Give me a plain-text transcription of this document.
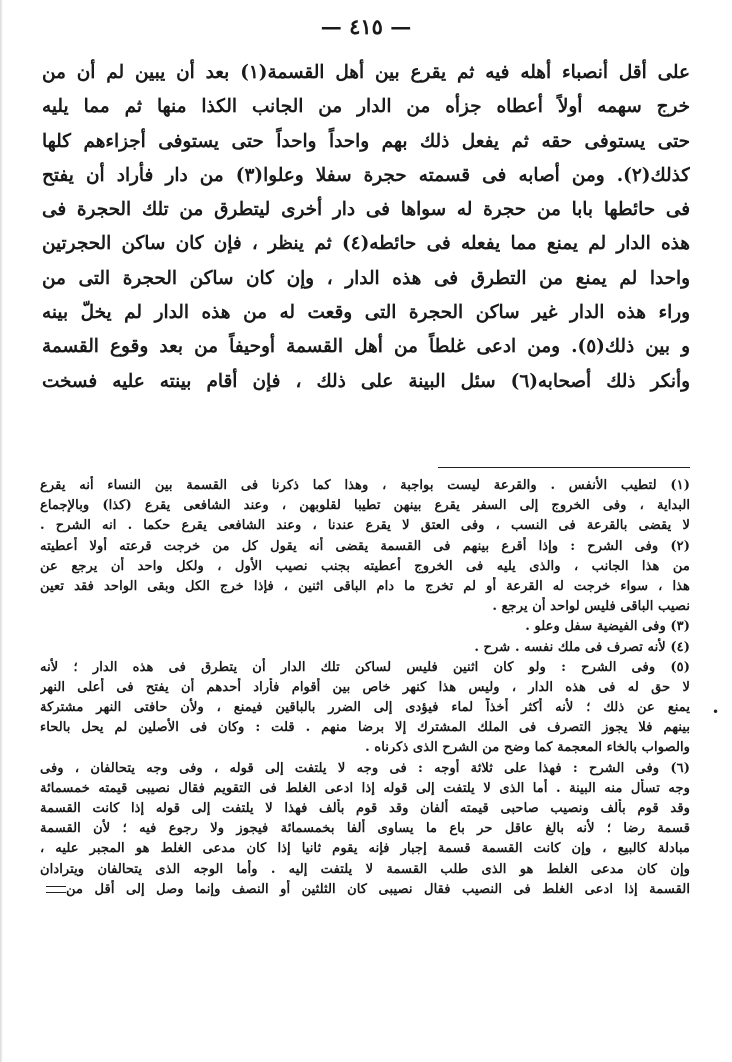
— ٤١٥ —
على أقل أنصباء أهله فيه ثم يقرع بين أهل القسمة(١) بعد أن يبين لم أن من
خرج سهمه أولاً أعطاه جزأه من الدار من الجانب الكذا منها ثم مما يليه
حتى يستوفى حقه ثم يفعل ذلك بهم واحداً واحداً حتى يستوفى أجزاءهم كلها
كذلك(٢). ومن أصابه فى قسمته حجرة سفلا وعلوا(٣) من دار فأراد أن يفتح
فى حائطها بابا من حجرة له سواها فى دار أخرى ليتطرق من تلك الحجرة فى
هذه الدار لم يمنع مما يفعله فى حائطه(٤) ثم ينظر ، فإن كان ساكن الحجرتين
واحدا لم يمنع من التطرق فى هذه الدار ، وإن كان ساكن الحجرة التى من
وراء هذه الدار غير ساكن الحجرة التى وقعت له من هذه الدار لم يخلّ بينه
و بين ذلك(٥). ومن ادعى غلطاً من أهل القسمة أوحيفاً من بعد وقوع القسمة
وأنكر ذلك أصحابه(٦) سئل البينة على ذلك ، فإن أقام بينته عليه فسخت
(١) لتطيب الأنفس . والقرعة ليست بواجبة ، وهذا كما ذكرنا فى القسمة بين النساء أنه يقرع
البداية ، وفى الخروج إلى السفر يقرع بينهن تطيبا لقلوبهن ، وعند الشافعى يقرع (كذا) وبالإجماع
لا يقضى بالقرعة فى النسب ، وفى العتق لا يقرع عندنا ، وعند الشافعى يقرع حكما . انه الشرح .
(٢) وفى الشرح : وإذا أقرع بينهم فى القسمة يقضى أنه يقول كل من خرجت قرعته أولا أعطيته
من هذا الجانب ، والذى يليه فى الخروج أعطيته بجنب نصيب الأول ، ولكل واحد أن يرجع عن
هذا ، سواء خرجت له القرعة أو لم تخرج ما دام الباقى اثنين ، فإذا خرج الكل وبقى الواحد فقد تعين
نصيب الباقى فليس لواحد أن يرجع .
(٣) وفى الفيضية سفل وعلو .
(٤) لأنه تصرف فى ملك نفسه . شرح .
(٥) وفى الشرح : ولو كان اثنين فليس لساكن تلك الدار أن يتطرق فى هذه الدار ؛ لأنه
لا حق له فى هذه الدار ، وليس هذا كنهر خاص بين أقوام فأراد أحدهم أن يفتح فى أعلى النهر
يمنع عن ذلك ؛ لأنه أكثر أخذاً لماء فيؤدى إلى الضرر بالباقين فيمنع ، ولأن حافتى النهر مشتركة
بينهم فلا يجوز التصرف فى الملك المشترك إلا برضا منهم . قلت : وكان فى الأصلين لم يحل بالحاء
والصواب بالخاء المعجمة كما وضح من الشرح الذى ذكرناه .
(٦) وفى الشرح : فهذا على ثلاثة أوجه : فى وجه لا يلتفت إلى قوله ، وفى وجه يتحالفان ، وفى
وجه تسأل منه البينة . أما الذى لا يلتفت إلى قوله إذا ادعى الغلط فى التقويم فقال نصيبى قيمته خمسمائة
وقد قوم بألف ونصيب صاحبى قيمته ألفان وقد قوم بألف فهذا لا يلتفت إلى قوله إذا كانت القسمة
قسمة رضا ؛ لأنه بالغ عاقل حر باع ما يساوى ألفا بخمسمائة فيجوز ولا رجوع فيه ؛ لأن القسمة
مبادلة كالبيع ، وإن كانت القسمة قسمة إجبار فإنه يقوم ثانيا إذا كان مدعى الغلط هو المجبر عليه ،
وإن كان مدعى الغلط هو الذى طلب القسمة لا يلتفت إليه . وأما الوجه الذى يتحالفان ويترادان
القسمة إذا ادعى الغلط فى النصيب فقال نصيبى كان الثلثين أو النصف وإنما وصل إلى أقل من
•
